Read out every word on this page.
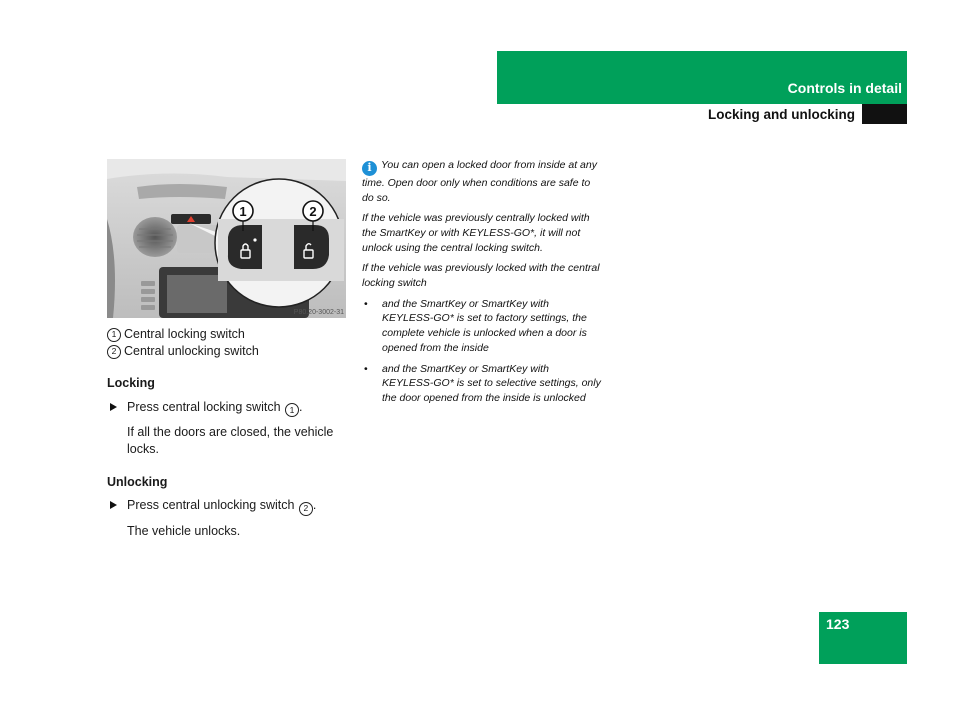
Controls in detail
Locking and unlocking
1	2
P80.20-3002-31
1 Central locking switch
2 Central unlocking switch
Locking
Press central locking switch 1 .
If all the doors are closed, the vehicle locks.
Unlocking
Press central unlocking switch 2 .
The vehicle unlocks.

i You can open a locked door from inside at any time. Open door only when conditions are safe to do so.

If the vehicle was previously centrally locked with the SmartKey or with KEYLESS-GO*, it will not unlock using the central locking switch.

If the vehicle was previously locked with the central locking switch

• and the SmartKey or SmartKey with KEYLESS-GO* is set to factory settings, the complete vehicle is unlocked when a door is opened from the inside

• and the SmartKey or SmartKey with KEYLESS-GO* is set to selective settings, only the door opened from the inside is unlocked

123
